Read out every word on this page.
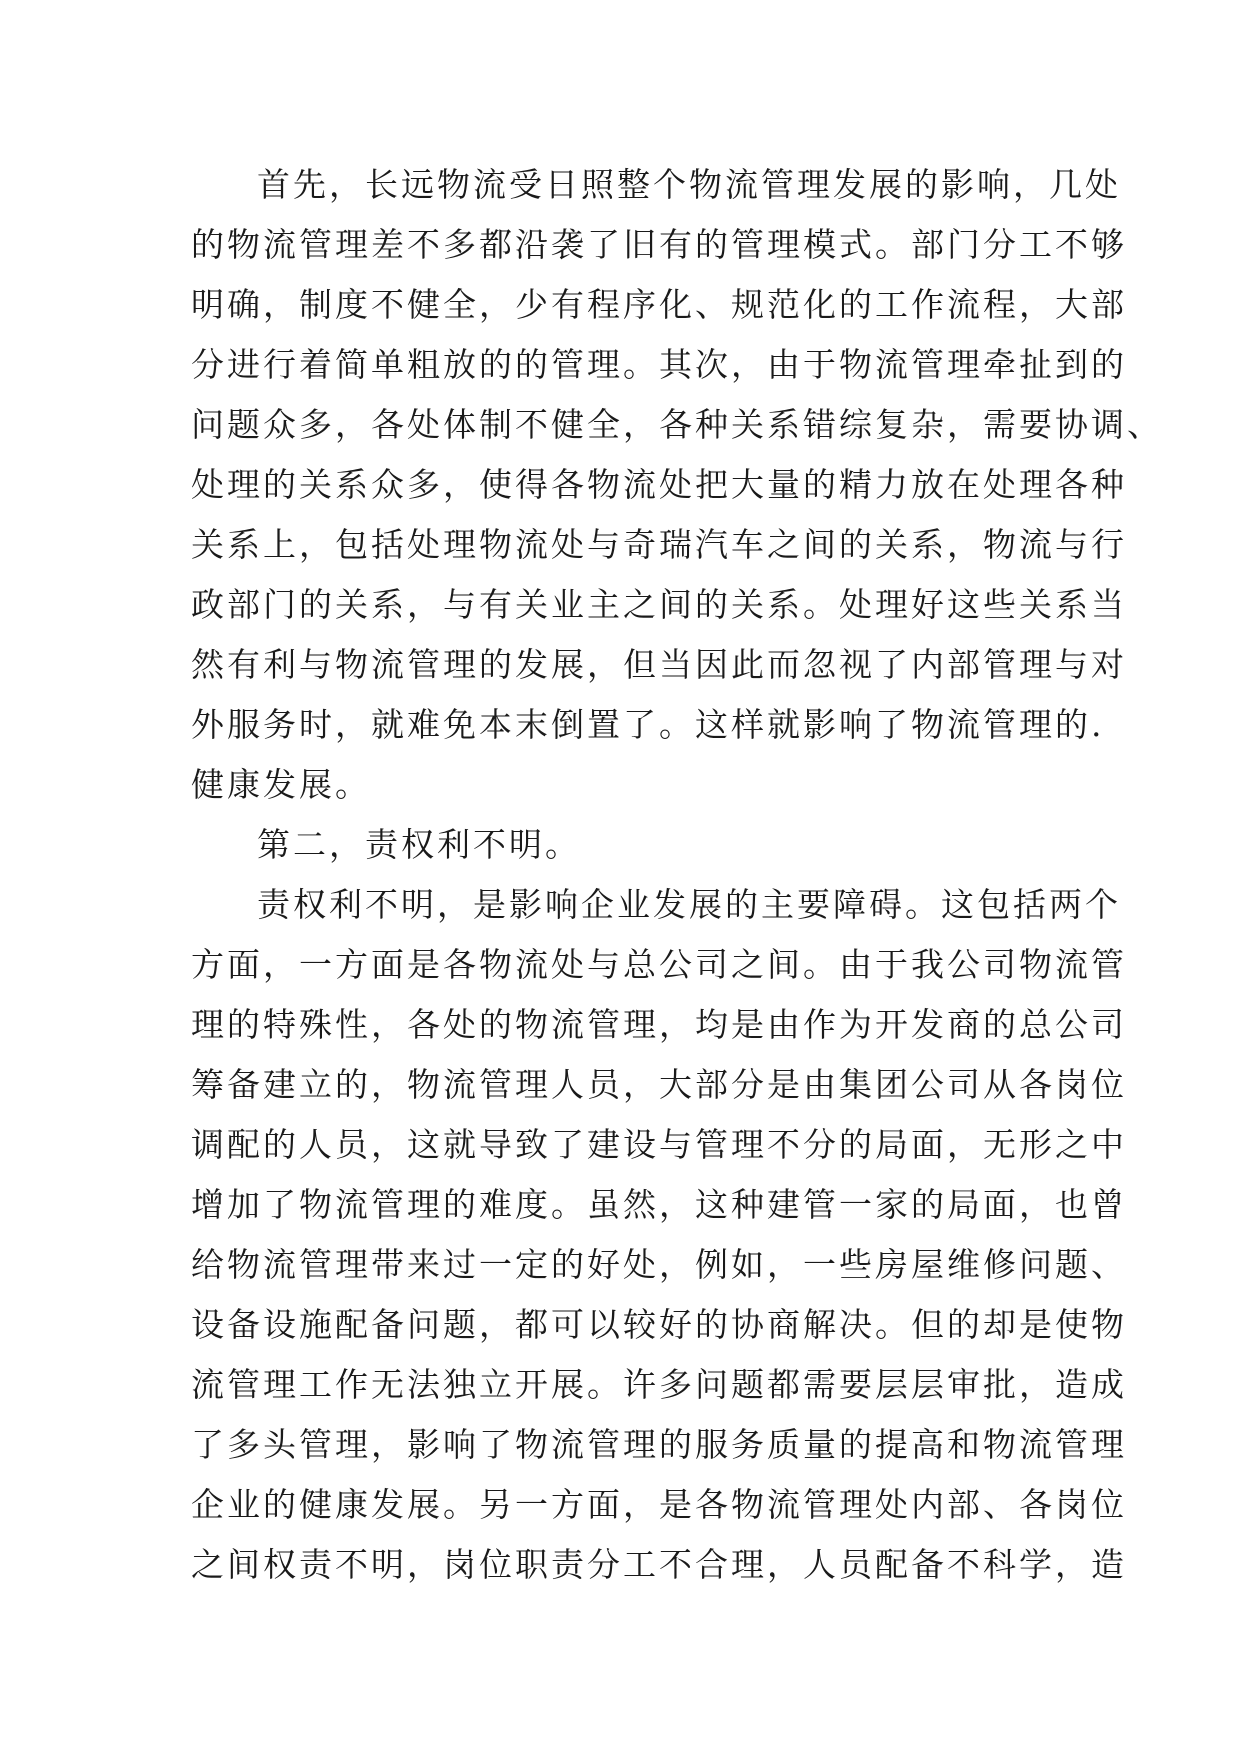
首先，长远物流受日照整个物流管理发展的影响，几处
的物流管理差不多都沿袭了旧有的管理模式。部门分工不够
明确，制度不健全，少有程序化、规范化的工作流程，大部
分进行着简单粗放的的管理。其次，由于物流管理牵扯到的
问题众多，各处体制不健全，各种关系错综复杂，需要协调、
处理的关系众多，使得各物流处把大量的精力放在处理各种
关系上，包括处理物流处与奇瑞汽车之间的关系，物流与行
政部门的关系，与有关业主之间的关系。处理好这些关系当
然有利与物流管理的发展，但当因此而忽视了内部管理与对
外服务时，就难免本末倒置了。这样就影响了物流管理的.
健康发展。
第二，责权利不明。
责权利不明，是影响企业发展的主要障碍。这包括两个
方面，一方面是各物流处与总公司之间。由于我公司物流管
理的特殊性，各处的物流管理，均是由作为开发商的总公司
筹备建立的，物流管理人员，大部分是由集团公司从各岗位
调配的人员，这就导致了建设与管理不分的局面，无形之中
增加了物流管理的难度。虽然，这种建管一家的局面，也曾
给物流管理带来过一定的好处，例如，一些房屋维修问题、
设备设施配备问题，都可以较好的协商解决。但的却是使物
流管理工作无法独立开展。许多问题都需要层层审批，造成
了多头管理，影响了物流管理的服务质量的提高和物流管理
企业的健康发展。另一方面，是各物流管理处内部、各岗位
之间权责不明，岗位职责分工不合理，人员配备不科学，造
